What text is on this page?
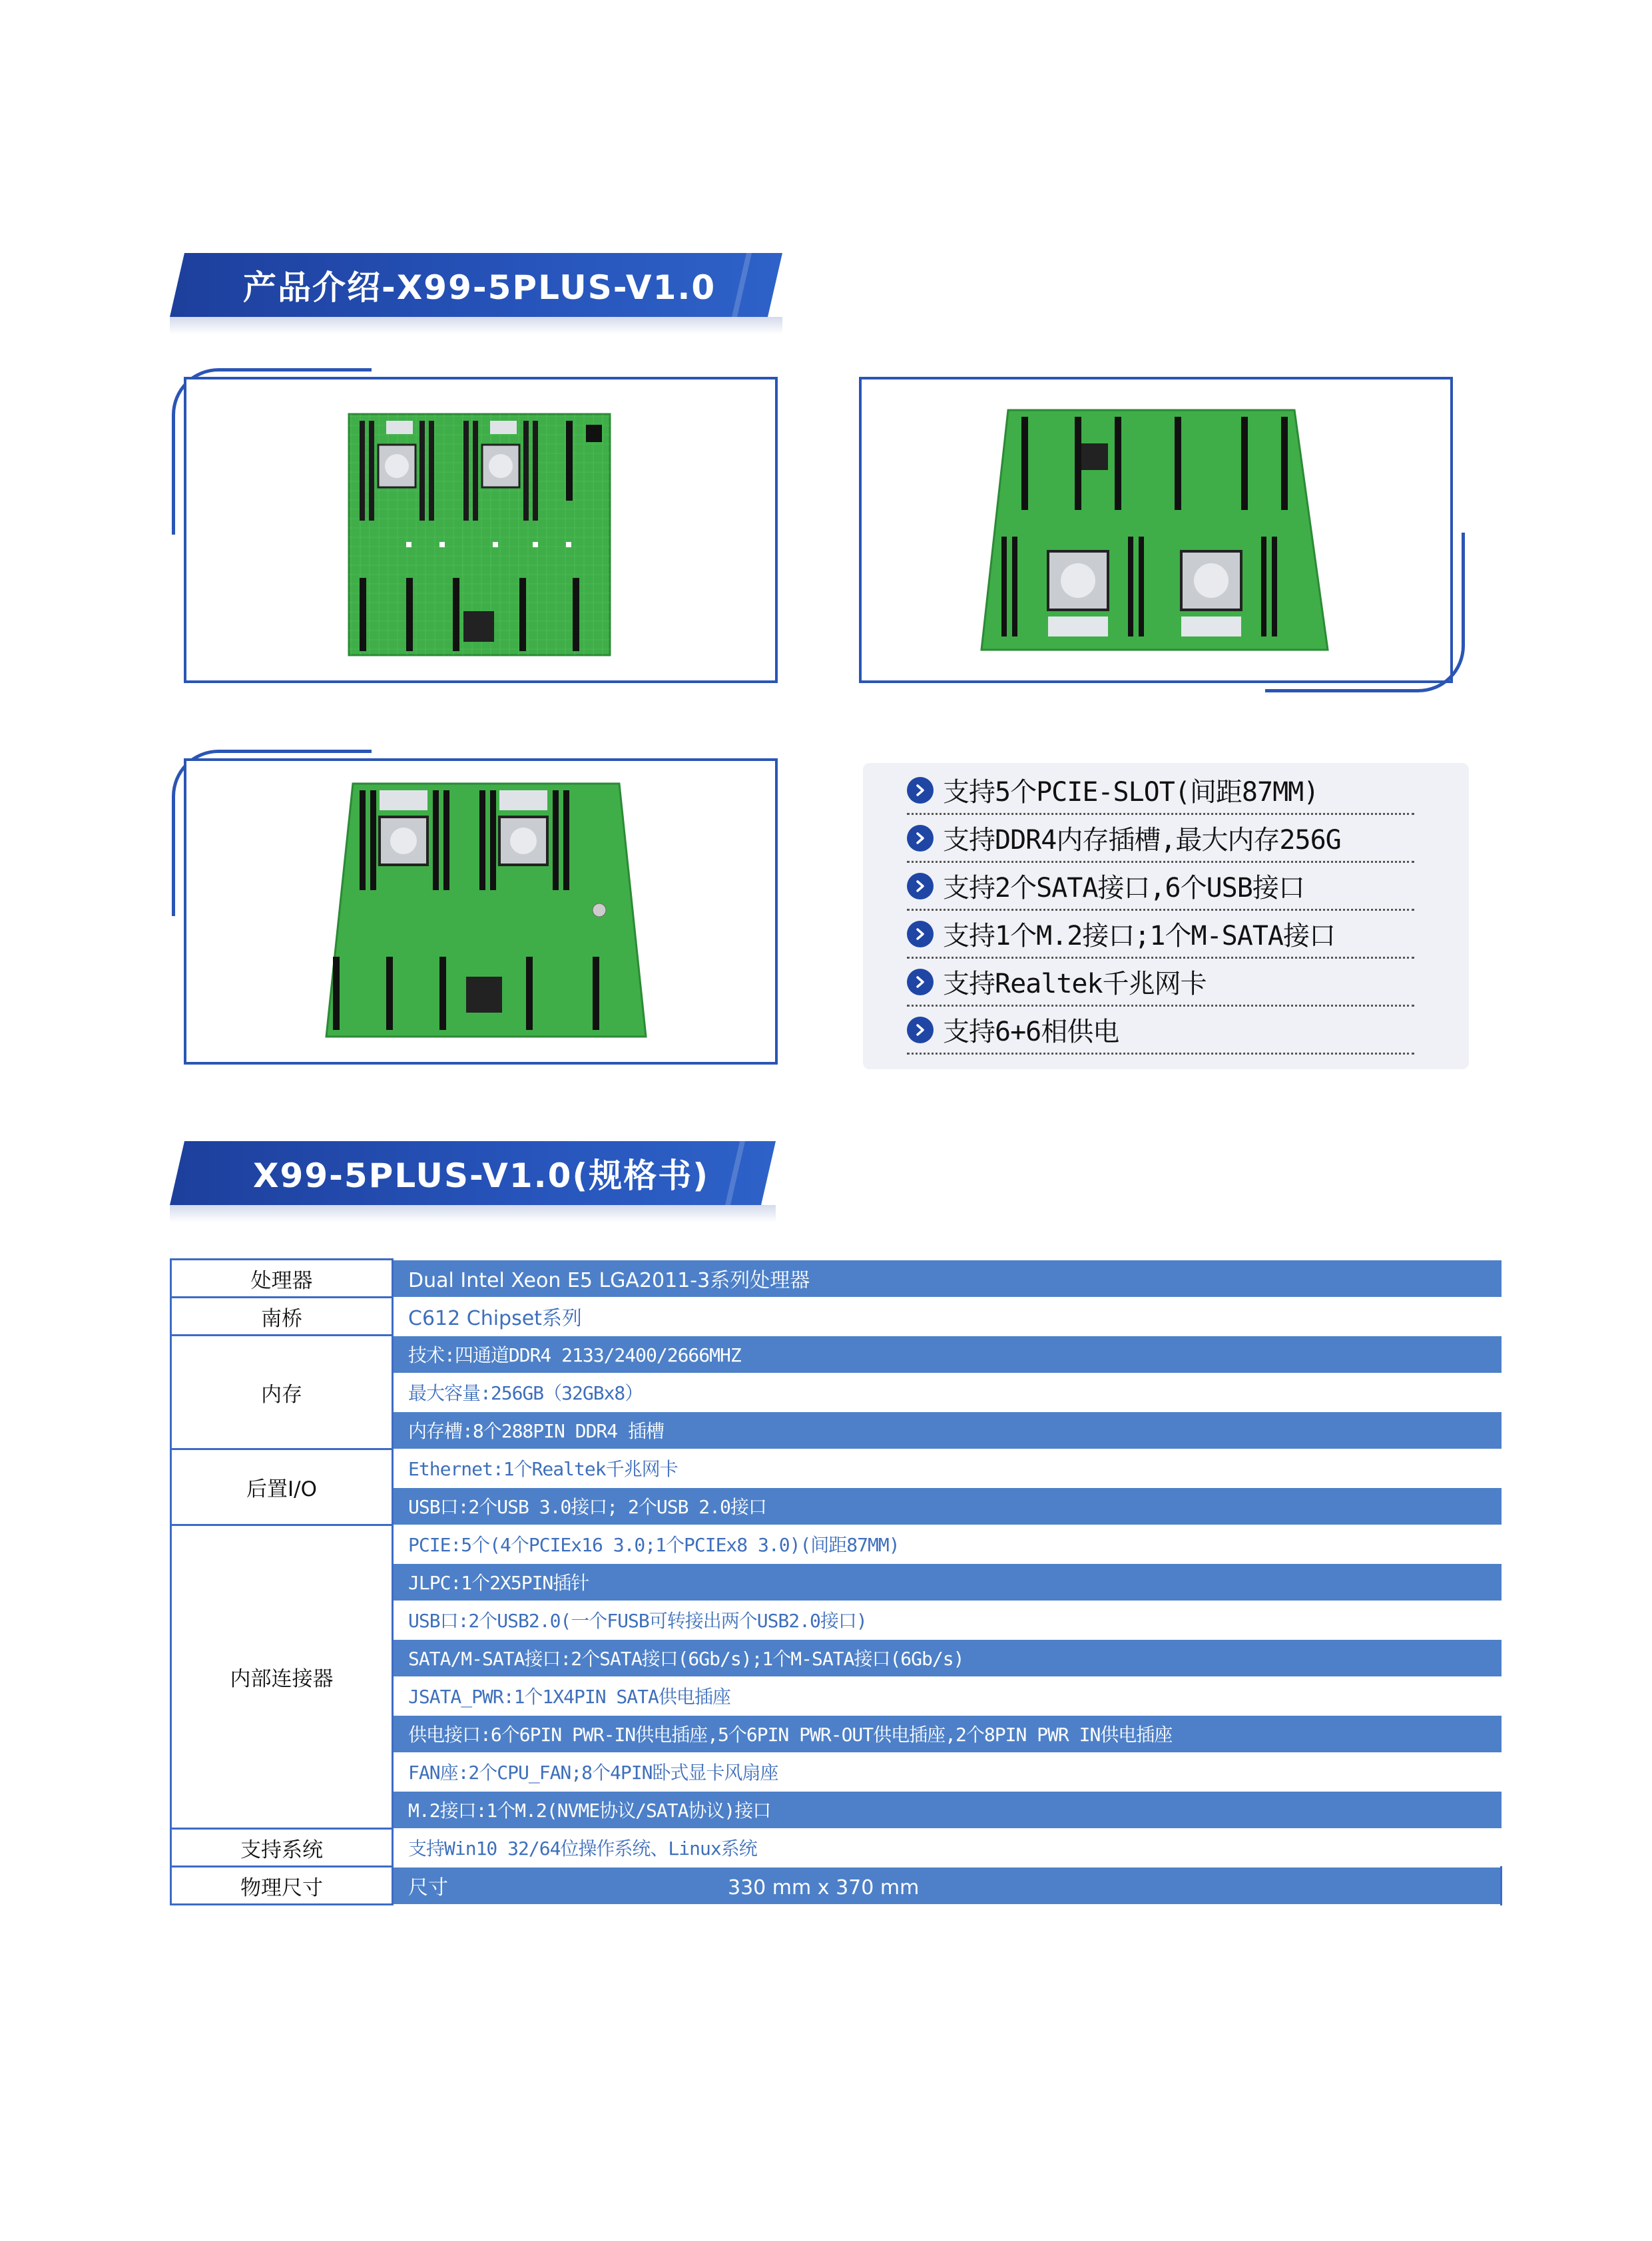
产品介绍-X99-5PLUS-V1.0
支持5个PCIE-SLOT(间距87MM)
支持DDR4内存插槽,最大内存256G
支持2个SATA接口,6个USB接口
支持1个M.2接口;1个M-SATA接口
支持Realtek千兆网卡
支持6+6相供电
X99-5PLUS-V1.0(规格书)
处理器	Dual Intel Xeon E5 LGA2011-3系列处理器
南桥	C612 Chipset系列
内存	技术:四通道DDR4 2133/2400/2666MHZ
	最大容量:256GB（32GBx8）
	内存槽:8个288PIN DDR4 插槽
后置I/O	Ethernet:1个Realtek千兆网卡
	USB口:2个USB 3.0接口; 2个USB 2.0接口
内部连接器	PCIE:5个(4个PCIEx16 3.0;1个PCIEx8 3.0)(间距87MM)
	JLPC:1个2X5PIN插针
	USB口:2个USB2.0(一个FUSB可转接出两个USB2.0接口)
	SATA/M-SATA接口:2个SATA接口(6Gb/s);1个M-SATA接口(6Gb/s)
	JSATA_PWR:1个1X4PIN SATA供电插座
	供电接口:6个6PIN PWR-IN供电插座,5个6PIN PWR-OUT供电插座,2个8PIN PWR IN供电插座
	FAN座:2个CPU_FAN;8个4PIN卧式显卡风扇座
	M.2接口:1个M.2(NVME协议/SATA协议)接口
支持系统	支持Win10 32/64位操作系统、Linux系统
物理尺寸	尺寸 330 mm x 370 mm
